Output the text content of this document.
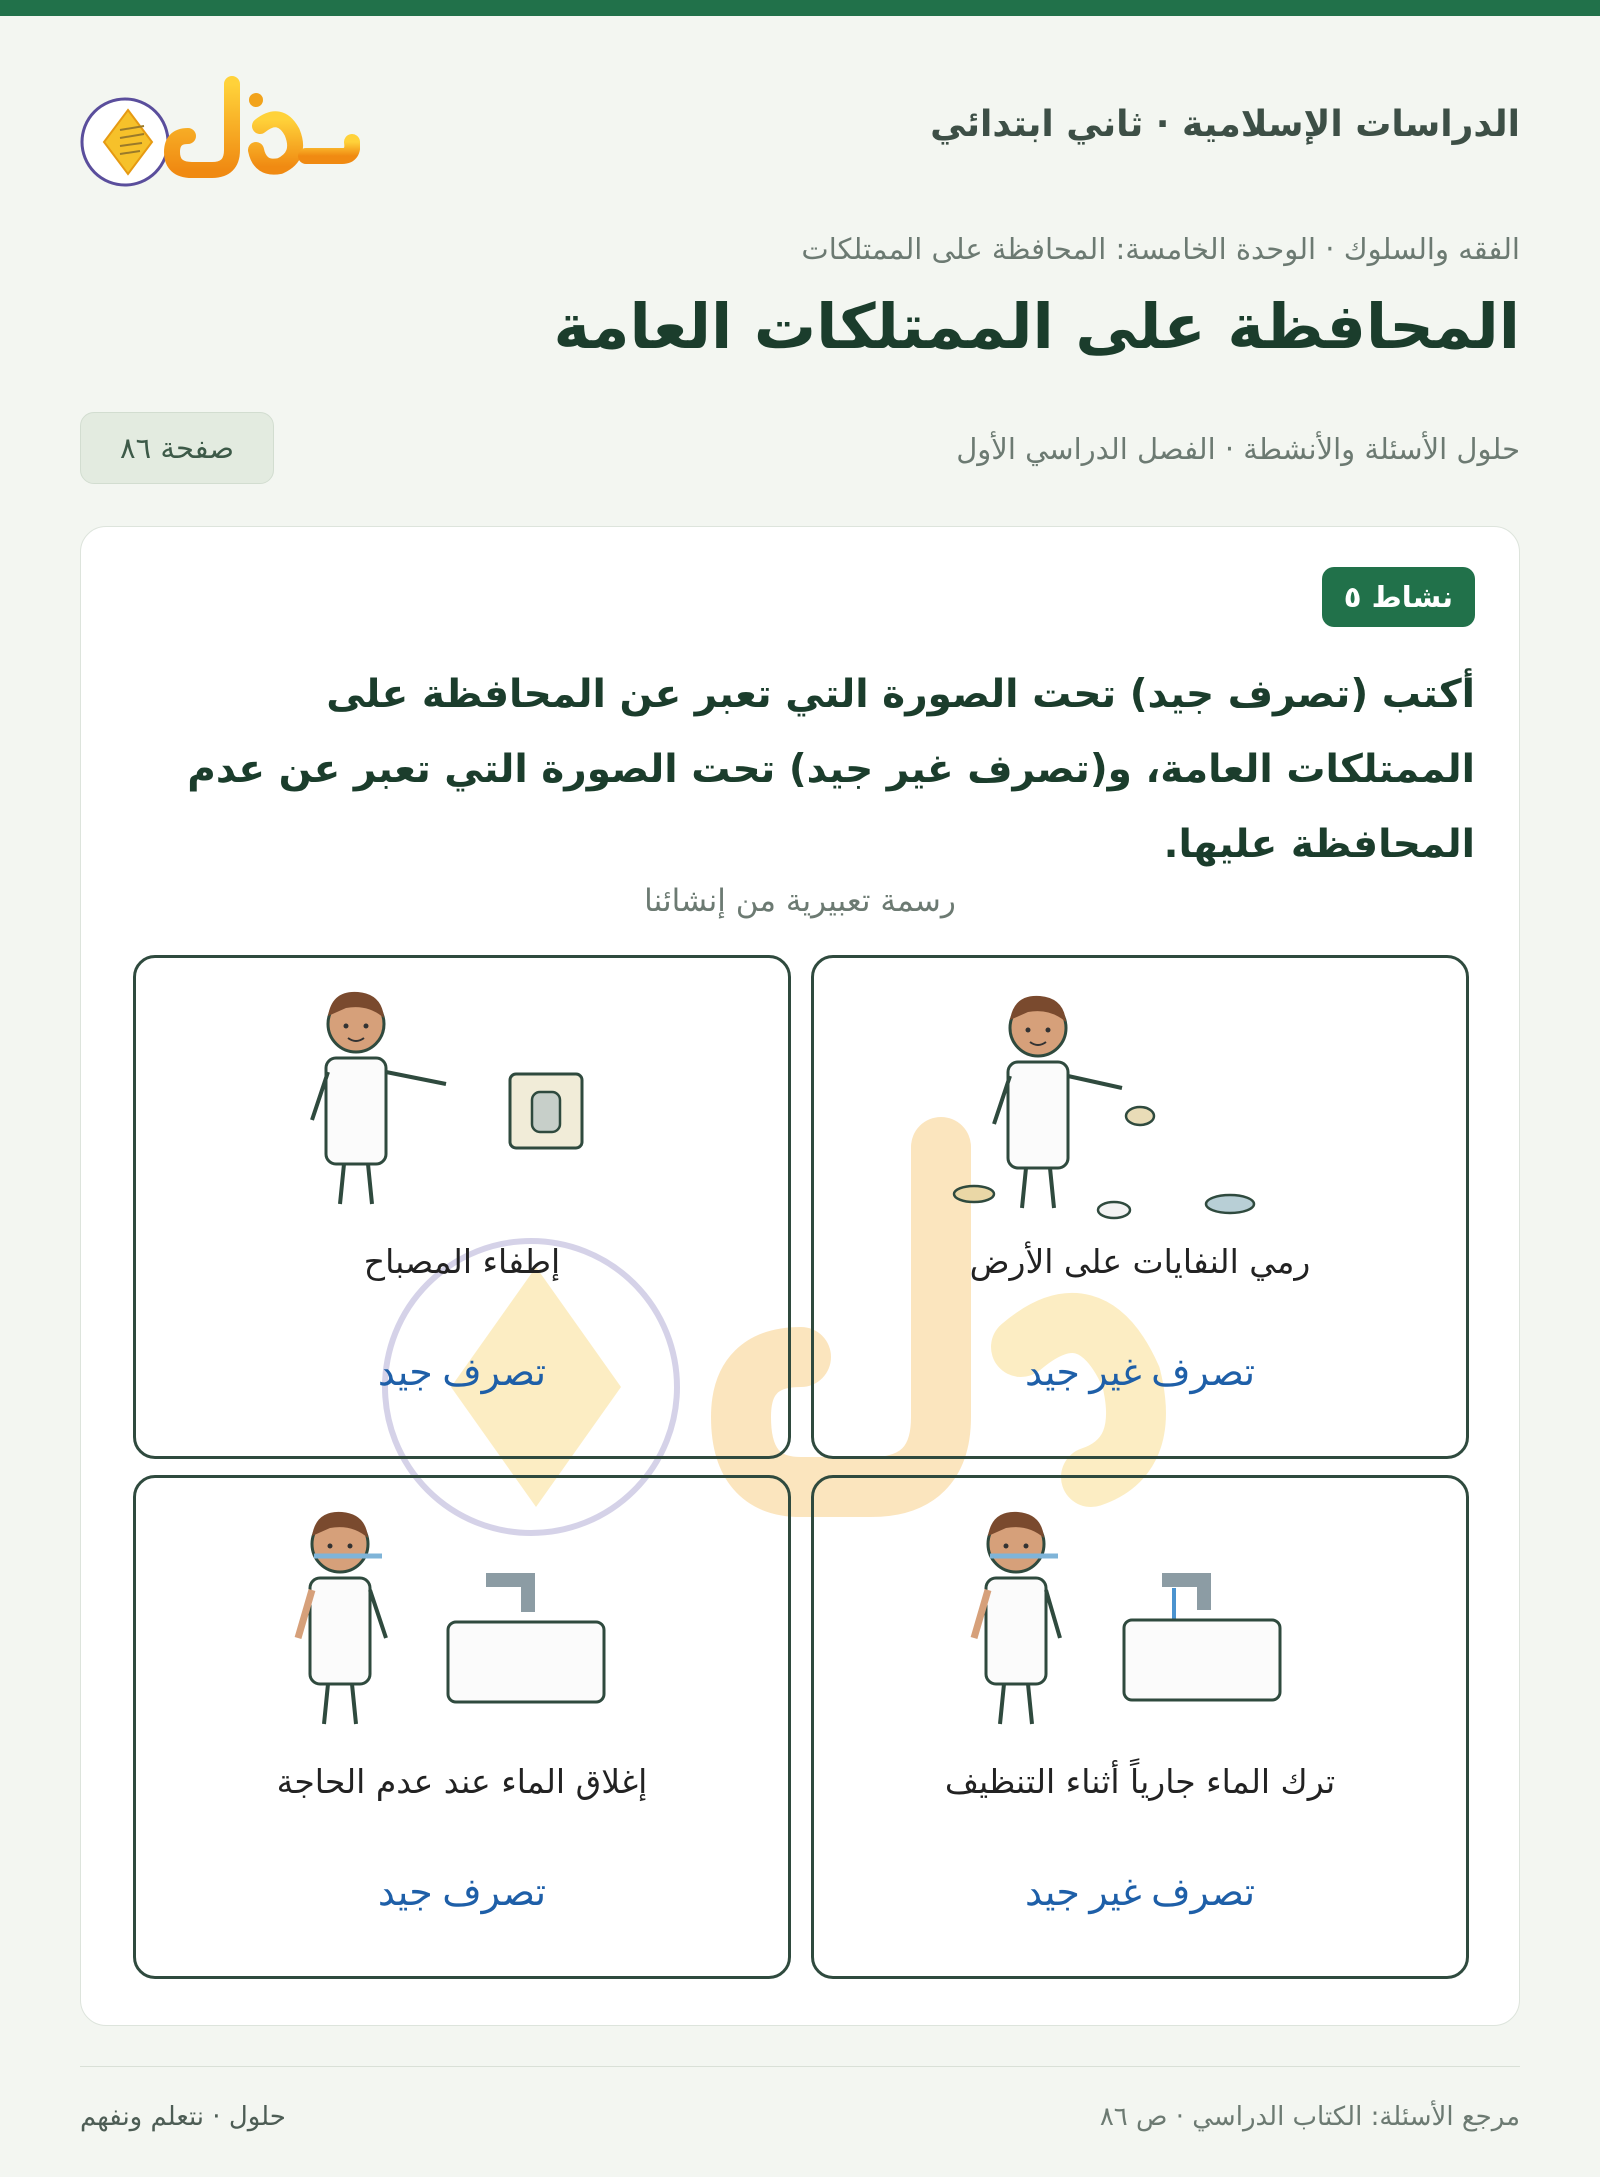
الدراسات الإسلامية · ثاني ابتدائي
الفقه والسلوك · الوحدة الخامسة: المحافظة على الممتلكات
المحافظة على الممتلكات العامة
حلول الأسئلة والأنشطة · الفصل الدراسي الأول
صفحة ٨٦
نشاط ٥
أكتب (تصرف جيد) تحت الصورة التي تعبر عن المحافظة على الممتلكات العامة، و(تصرف غير جيد) تحت الصورة التي تعبر عن عدم المحافظة عليها.
رسمة تعبيرية من إنشائنا
رمي النفايات على الأرض
تصرف غير جيد
إطفاء المصباح
تصرف جيد
ترك الماء جارياً أثناء التنظيف
تصرف غير جيد
إغلاق الماء عند عدم الحاجة
تصرف جيد
مرجع الأسئلة: الكتاب الدراسي · ص ٨٦
حلول · نتعلم ونفهم
